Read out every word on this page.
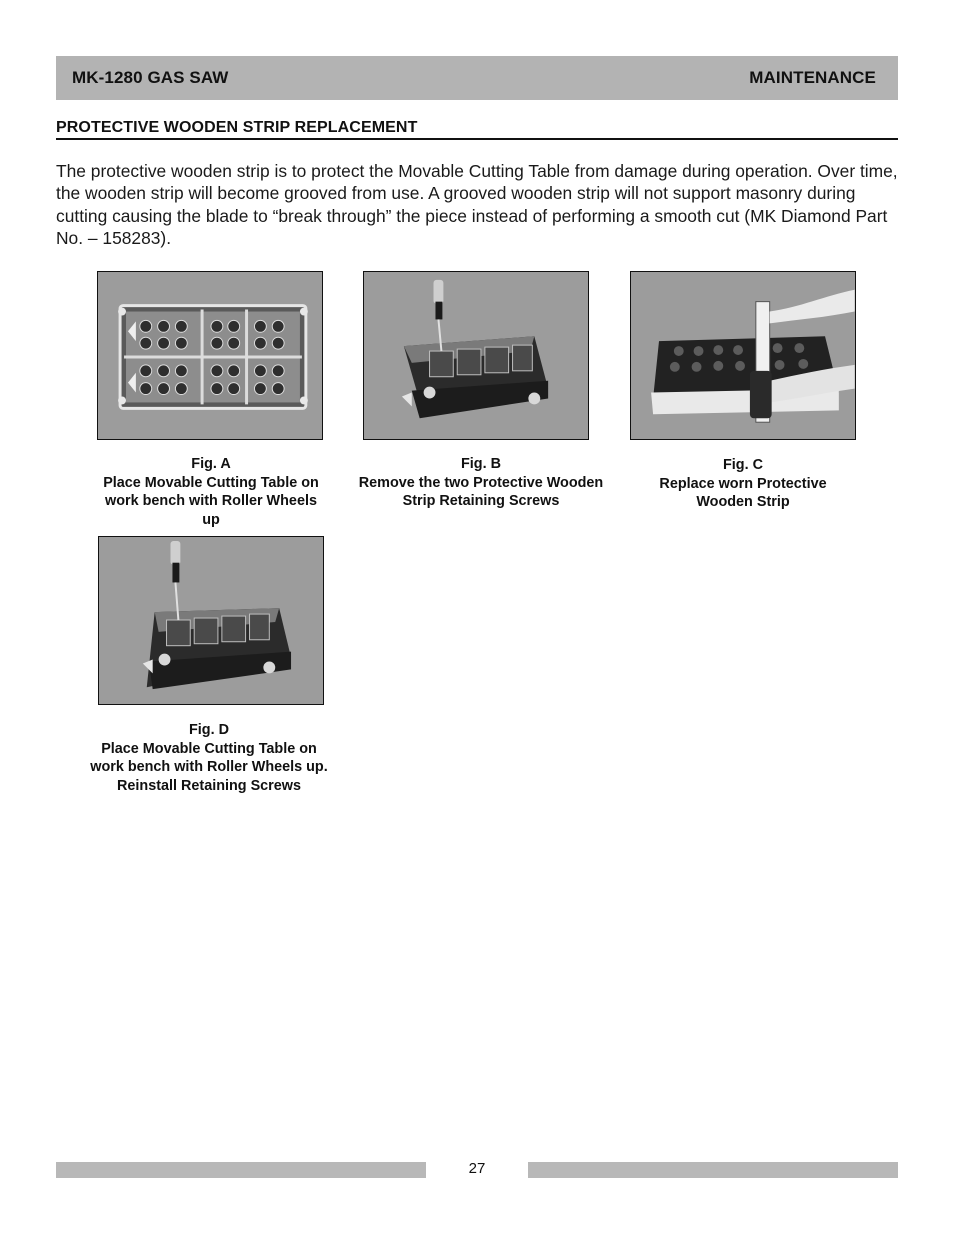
MK-1280 GAS SAW	MAINTENANCE
PROTECTIVE WOODEN STRIP REPLACEMENT

The protective wooden strip is to protect the Movable Cutting Table from damage during operation. Over time, the wooden strip will become grooved from use. A grooved wooden strip will not support masonry during cutting causing the blade to “break through” the piece instead of performing a smooth cut (MK Diamond Part No. – 158283).

Fig. A
Place Movable Cutting Table on work bench with Roller Wheels up
Fig. B
Remove the two Protective Wooden Strip Retaining Screws
Fig. C
Replace worn Protective Wooden Strip
Fig. D
Place Movable Cutting Table on work bench with Roller Wheels up. Reinstall Retaining Screws
27
